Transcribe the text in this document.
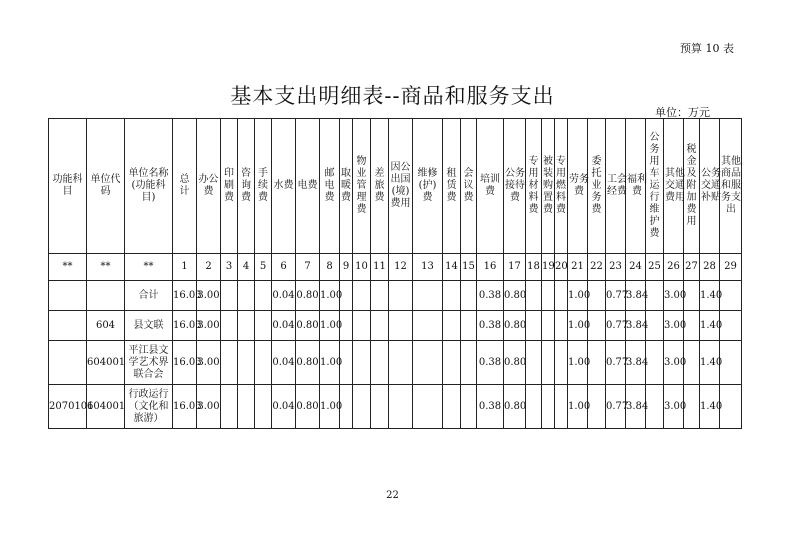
预算 10 表
基本支出明细表--商品和服务支出
单位：万元
功能科目	单位代码	单位名称(功能科目)	总计	办公费	印刷费	咨询费	手续费	水费	电费	邮电费	取暖费	物业管理费	差旅费	因公出国(境)费用	维修(护)费	租赁费	会议费	培训费	公务接待费	专用材料费	被装购置费	专用燃料费	劳务费	委托业务费	工会经费	福利费	公务用车运行维护费	其他交通费用	税金及附加费用	公务交通补贴	其他商品和服务支出

**	**	**	1	2	3	4	5	6	7	8	9	10	11	12	13	14	15	16	17	18	19	20	21	22	23	24	25	26	27	28	29
		合计	16.03	3.00				0.04	0.80	1.00								0.38	0.80				1.00		0.77	3.84		3.00		1.40	
	604	县文联	16.03	3.00				0.04	0.80	1.00								0.38	0.80				1.00		0.77	3.84		3.00		1.40	
	604001	平江县文学艺术界联合会	16.03	3.00				0.04	0.80	1.00								0.38	0.80				1.00		0.77	3.84		3.00		1.40	
2070101	604001	行政运行（文化和旅游）	16.03	3.00				0.04	0.80	1.00								0.38	0.80				1.00		0.77	3.84		3.00		1.40	
22
